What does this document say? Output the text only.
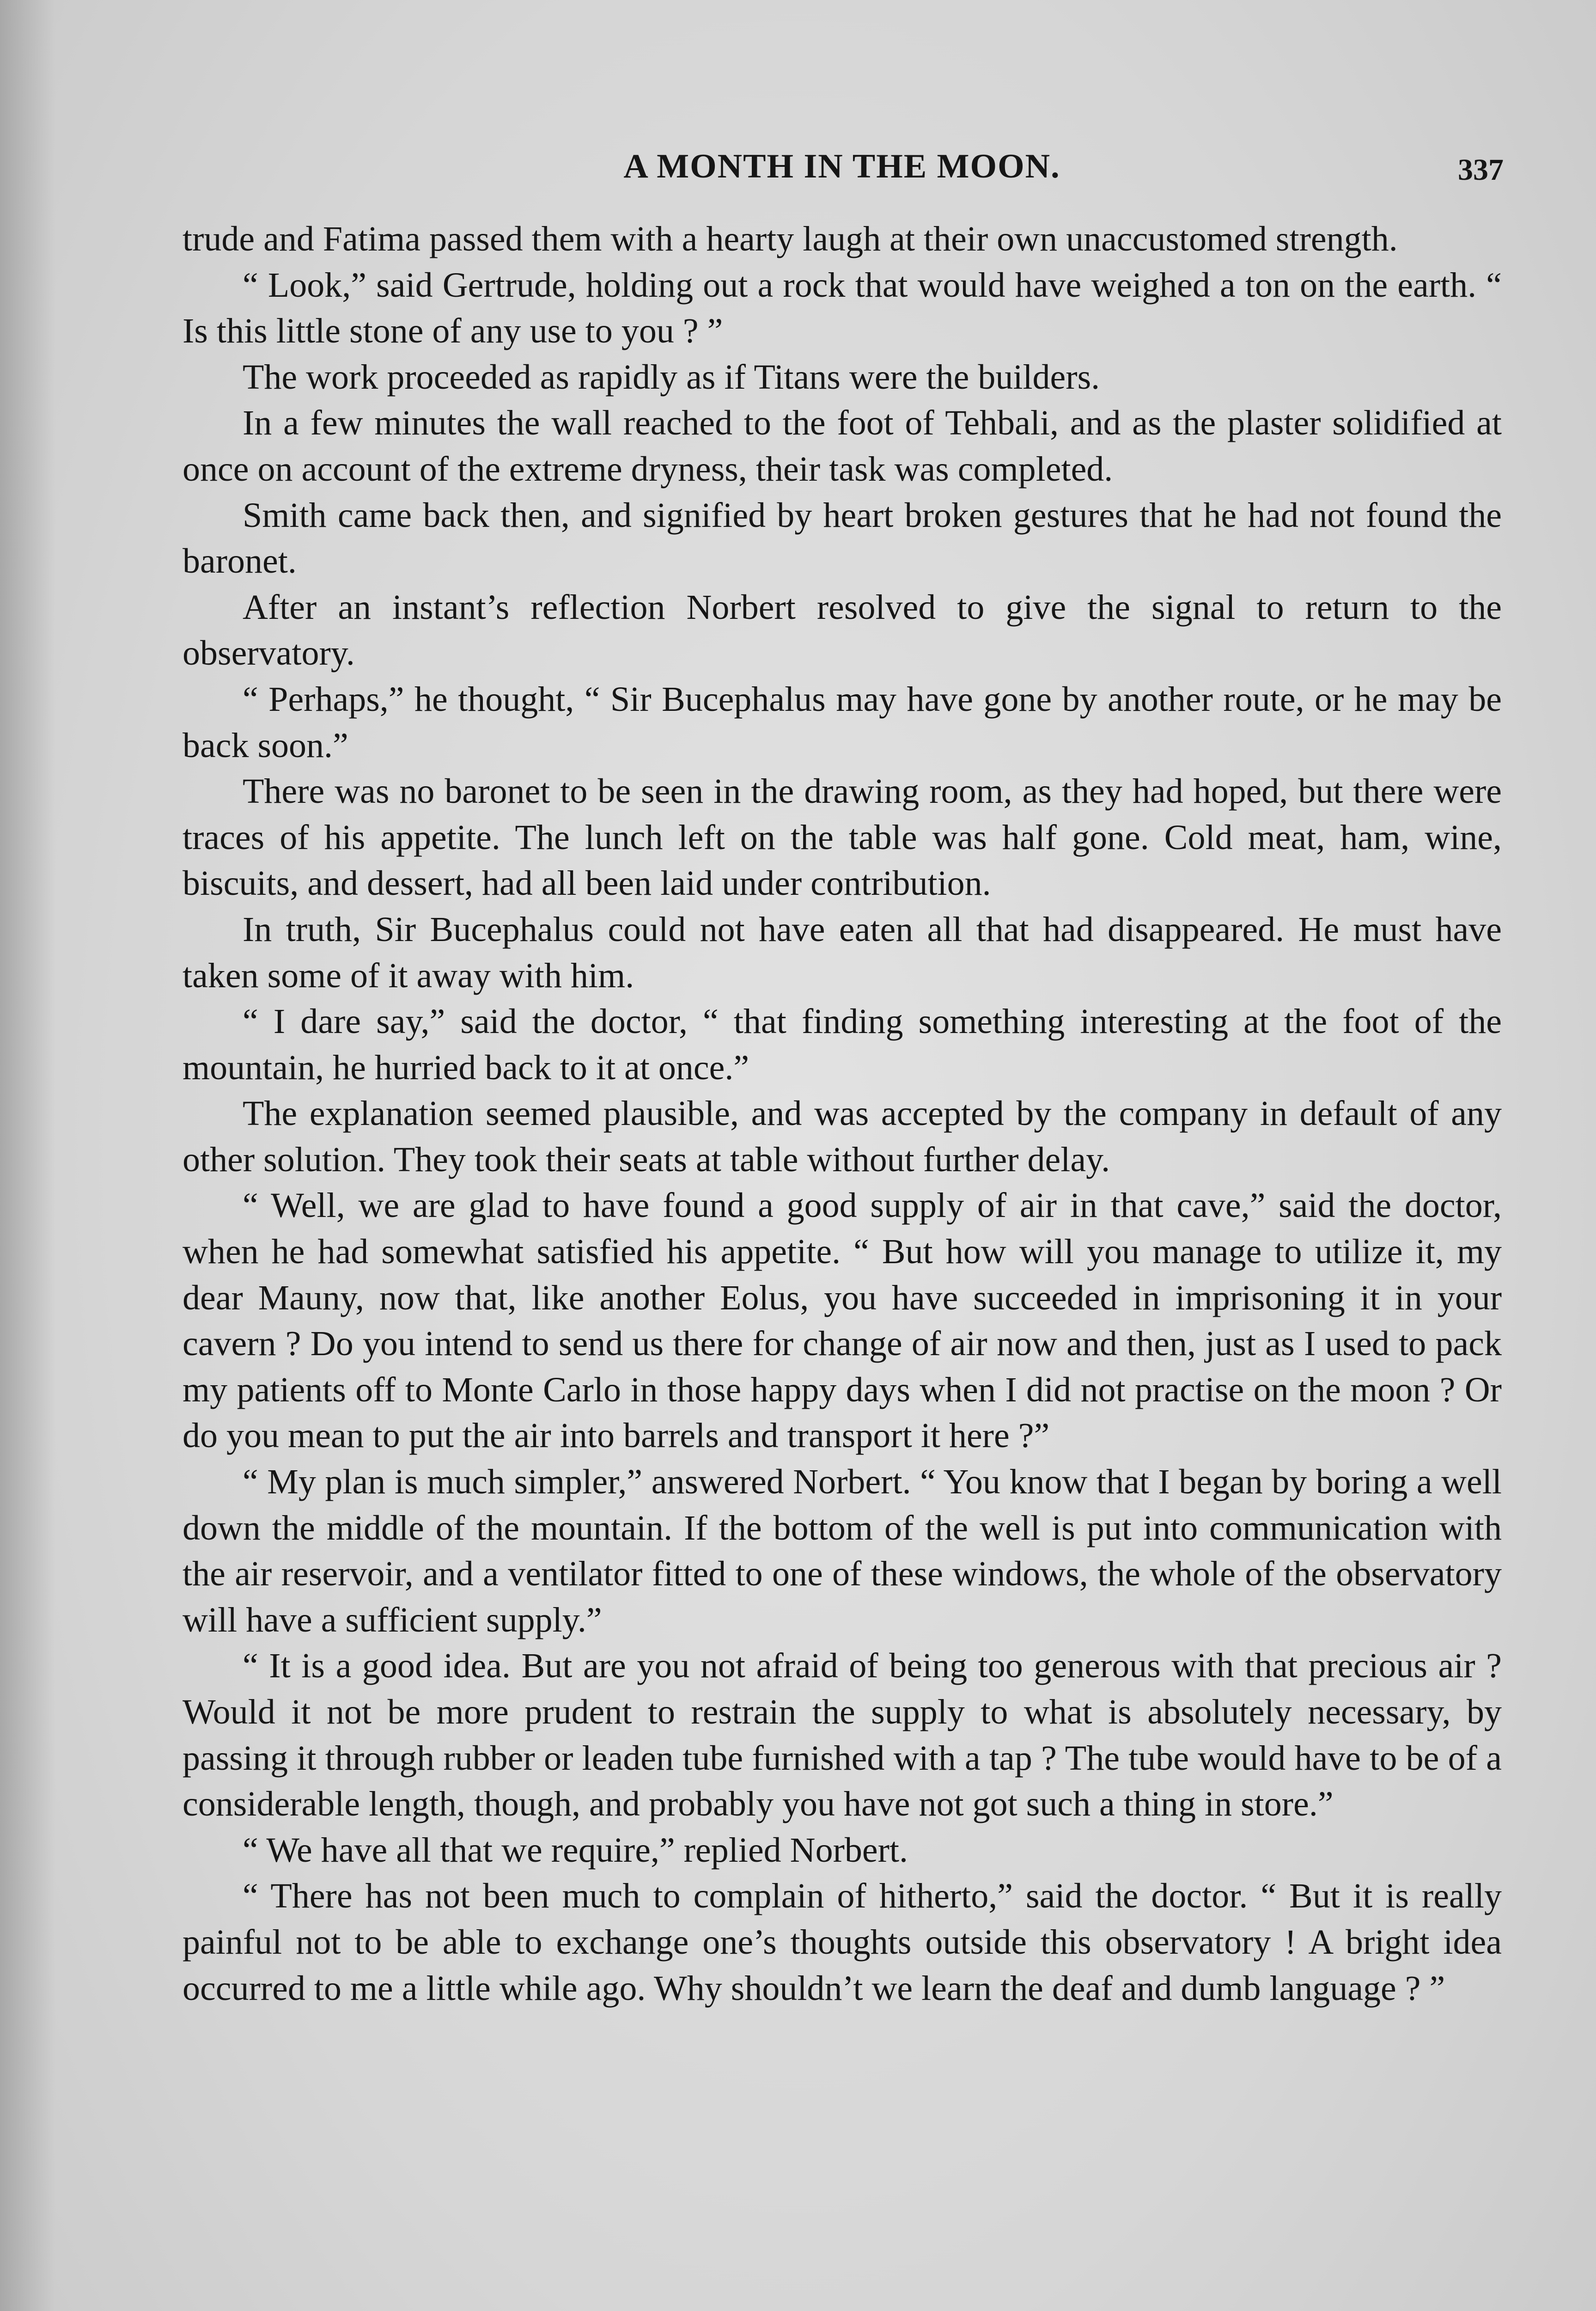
A MONTH IN THE MOON.	337

trude and Fatima passed them with a hearty laugh at their own unaccustomed strength.

“ Look,” said Gertrude, holding out a rock that would have weighed a ton on the earth. “ Is this little stone of any use to you ? ”

The work proceeded as rapidly as if Titans were the builders.

In a few minutes the wall reached to the foot of Tehbali, and as the plaster solidified at once on account of the extreme dryness, their task was completed.

Smith came back then, and signified by heart broken gestures that he had not found the baronet.

After an instant’s reflection Norbert resolved to give the signal to return to the observatory.

“ Perhaps,” he thought, “ Sir Bucephalus may have gone by another route, or he may be back soon.”

There was no baronet to be seen in the drawing room, as they had hoped, but there were traces of his appetite. The lunch left on the table was half gone. Cold meat, ham, wine, biscuits, and dessert, had all been laid under contribution.

In truth, Sir Bucephalus could not have eaten all that had disappeared. He must have taken some of it away with him.

“ I dare say,” said the doctor, “ that finding something interesting at the foot of the mountain, he hurried back to it at once.”

The explanation seemed plausible, and was accepted by the company in default of any other solution. They took their seats at table without further delay.

“ Well, we are glad to have found a good supply of air in that cave,” said the doctor, when he had somewhat satisfied his appetite. “ But how will you manage to utilize it, my dear Mauny, now that, like another Eolus, you have succeeded in imprisoning it in your cavern ? Do you intend to send us there for change of air now and then, just as I used to pack my patients off to Monte Carlo in those happy days when I did not practise on the moon ? Or do you mean to put the air into barrels and transport it here ?”

“ My plan is much simpler,” answered Norbert. “ You know that I began by boring a well down the middle of the mountain. If the bottom of the well is put into communication with the air reservoir, and a ventilator fitted to one of these windows, the whole of the observatory will have a sufficient supply.”

“ It is a good idea. But are you not afraid of being too generous with that precious air ? Would it not be more prudent to restrain the supply to what is absolutely necessary, by passing it through rubber or leaden tube furnished with a tap ? The tube would have to be of a considerable length, though, and probably you have not got such a thing in store.”

“ We have all that we require,” replied Norbert.

“ There has not been much to complain of hitherto,” said the doctor. “ But it is really painful not to be able to exchange one’s thoughts outside this observatory ! A bright idea occurred to me a little while ago. Why shouldn’t we learn the deaf and dumb language ? ”
